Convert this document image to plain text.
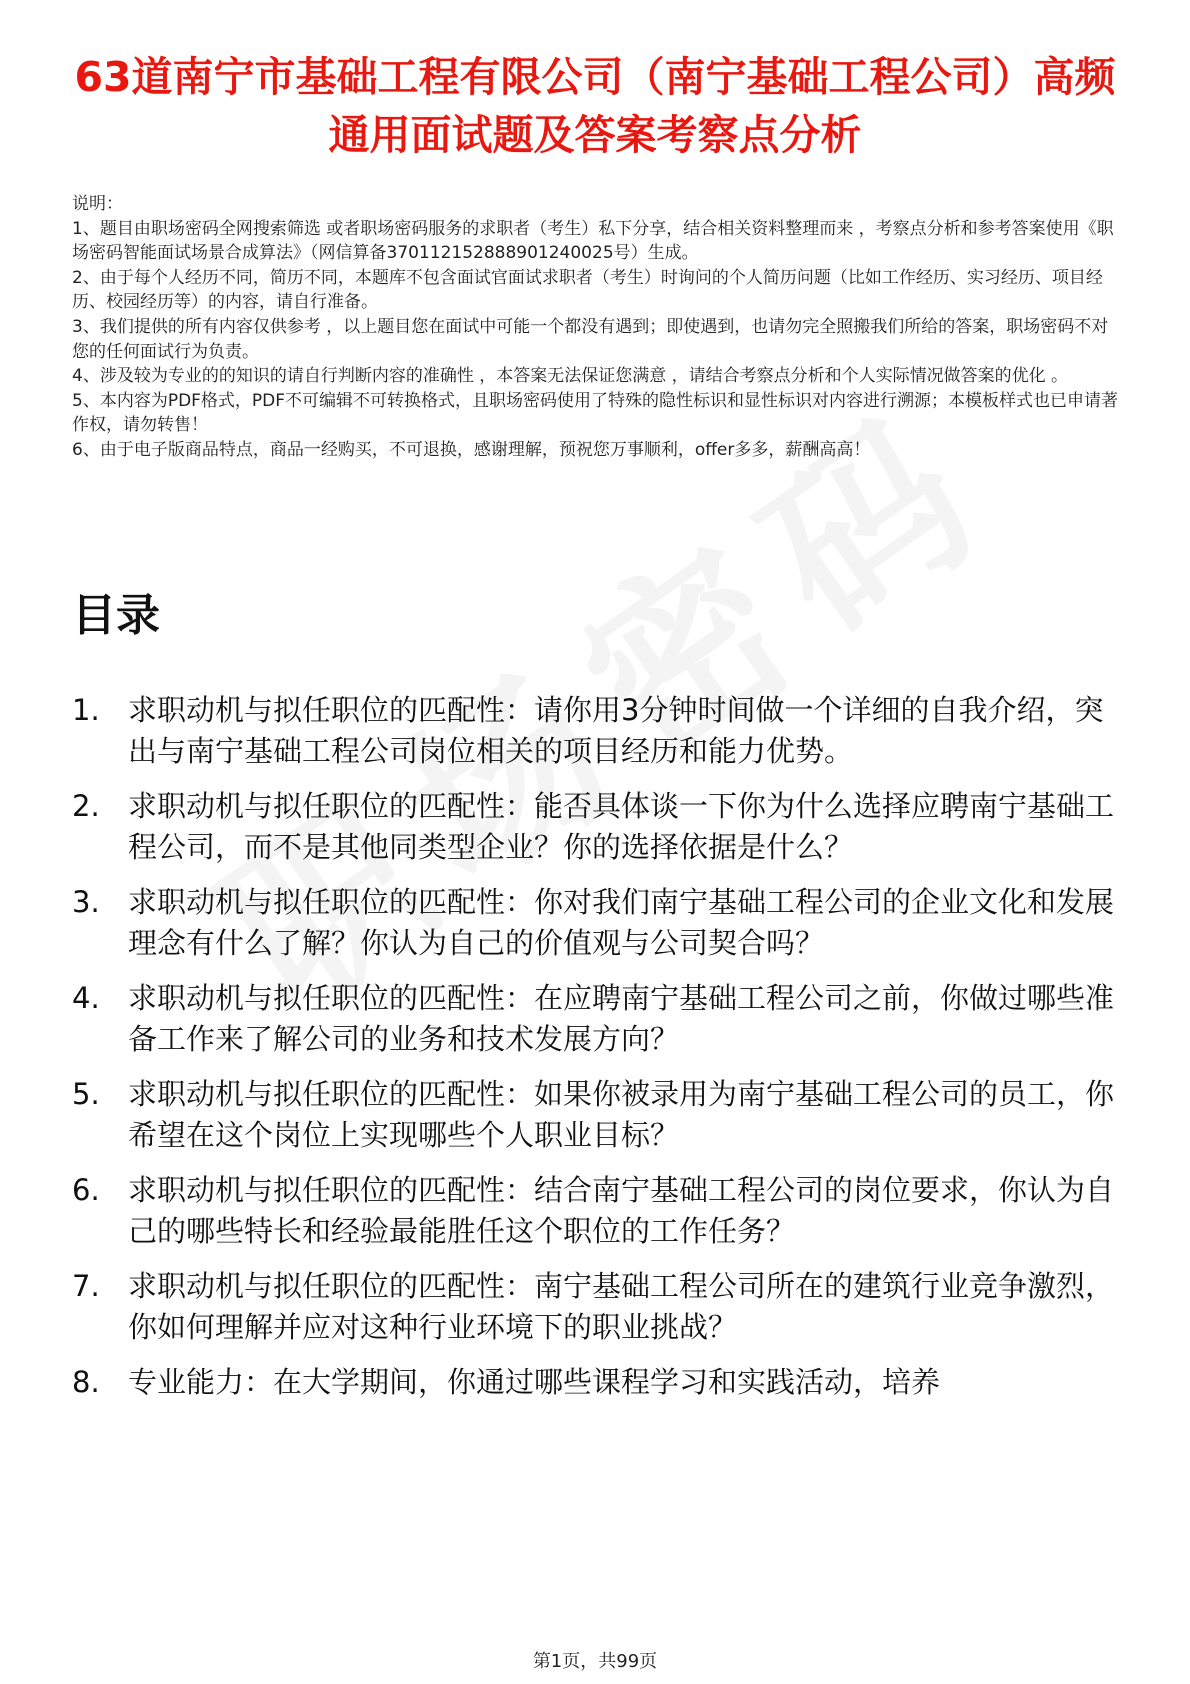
63道南宁市基础工程有限公司（南宁基础工程公司）高频通用面试题及答案考察点分析
说明：
1、题目由职场密码全网搜索筛选 或者职场密码服务的求职者（考生）私下分享，结合相关资料整理而来 ，考察点分析和参考答案使用《职场密码智能面试场景合成算法》（网信算备370112152888901240025号）生成。
2、由于每个人经历不同，简历不同，本题库不包含面试官面试求职者（考生）时询问的个人简历问题（比如工作经历、实习经历、项目经历、校园经历等）的内容，请自行准备。
3、我们提供的所有内容仅供参考 ，以上题目您在面试中可能一个都没有遇到；即使遇到，也请勿完全照搬我们所给的答案，职场密码不对您的任何面试行为负责。
4、涉及较为专业的的知识的请自行判断内容的准确性 ，本答案无法保证您满意 ，请结合考察点分析和个人实际情况做答案的优化 。
5、本内容为PDF格式，PDF不可编辑不可转换格式，且职场密码使用了特殊的隐性标识和显性标识对内容进行溯源；本模板样式也已申请著作权，请勿转售！
6、由于电子版商品特点，商品一经购买，不可退换，感谢理解，预祝您万事顺利，offer多多，薪酬高高！
目录
1. 求职动机与拟任职位的匹配性：请你用3分钟时间做一个详细的自我介绍，突出与南宁基础工程公司岗位相关的项目经历和能力优势。
2. 求职动机与拟任职位的匹配性：能否具体谈一下你为什么选择应聘南宁基础工程公司，而不是其他同类型企业？你的选择依据是什么？
3. 求职动机与拟任职位的匹配性：你对我们南宁基础工程公司的企业文化和发展理念有什么了解？你认为自己的价值观与公司契合吗？
4. 求职动机与拟任职位的匹配性：在应聘南宁基础工程公司之前，你做过哪些准备工作来了解公司的业务和技术发展方向？
5. 求职动机与拟任职位的匹配性：如果你被录用为南宁基础工程公司的员工，你希望在这个岗位上实现哪些个人职业目标？
6. 求职动机与拟任职位的匹配性：结合南宁基础工程公司的岗位要求，你认为自己的哪些特长和经验最能胜任这个职位的工作任务？
7. 求职动机与拟任职位的匹配性：南宁基础工程公司所在的建筑行业竞争激烈，你如何理解并应对这种行业环境下的职业挑战？
8. 专业能力：在大学期间，你通过哪些课程学习和实践活动，培养
第1页，共99页
